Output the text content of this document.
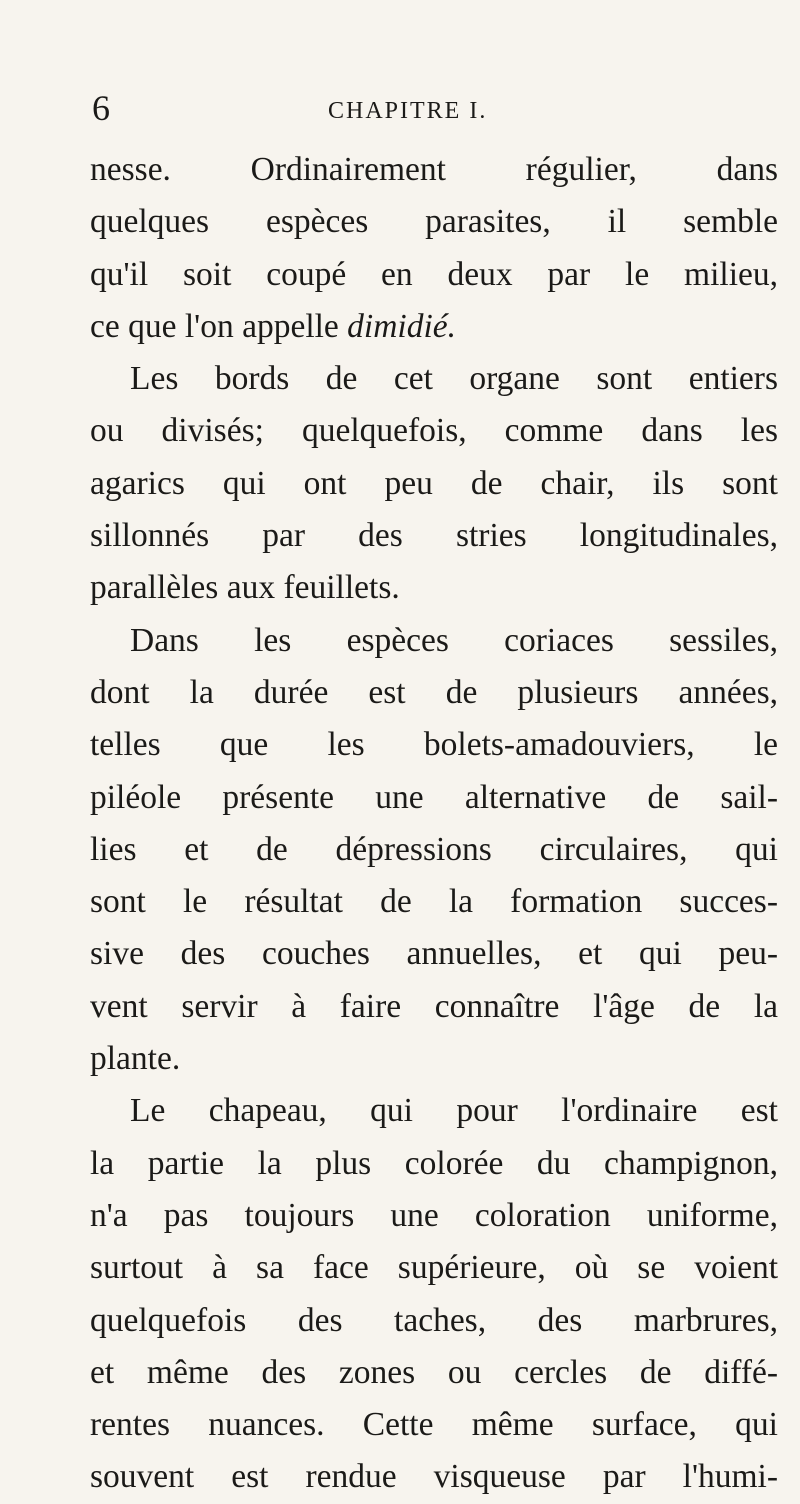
6	CHAPITRE I.
nesse. Ordinairement régulier, dans
quelques espèces parasites, il semble
qu'il soit coupé en deux par le milieu,
ce que l'on appelle dimidié.
Les bords de cet organe sont entiers
ou divisés; quelquefois, comme dans les
agarics qui ont peu de chair, ils sont
sillonnés par des stries longitudinales,
parallèles aux feuillets.
Dans les espèces coriaces sessiles,
dont la durée est de plusieurs années,
telles que les bolets-amadouviers, le
piléole présente une alternative de sail-
lies et de dépressions circulaires, qui
sont le résultat de la formation succes-
sive des couches annuelles, et qui peu-
vent servir à faire connaître l'âge de la
plante.
Le chapeau, qui pour l'ordinaire est
la partie la plus colorée du champignon,
n'a pas toujours une coloration uniforme,
surtout à sa face supérieure, où se voient
quelquefois des taches, des marbrures,
et même des zones ou cercles de diffé-
rentes nuances. Cette même surface, qui
souvent est rendue visqueuse par l'humi-
